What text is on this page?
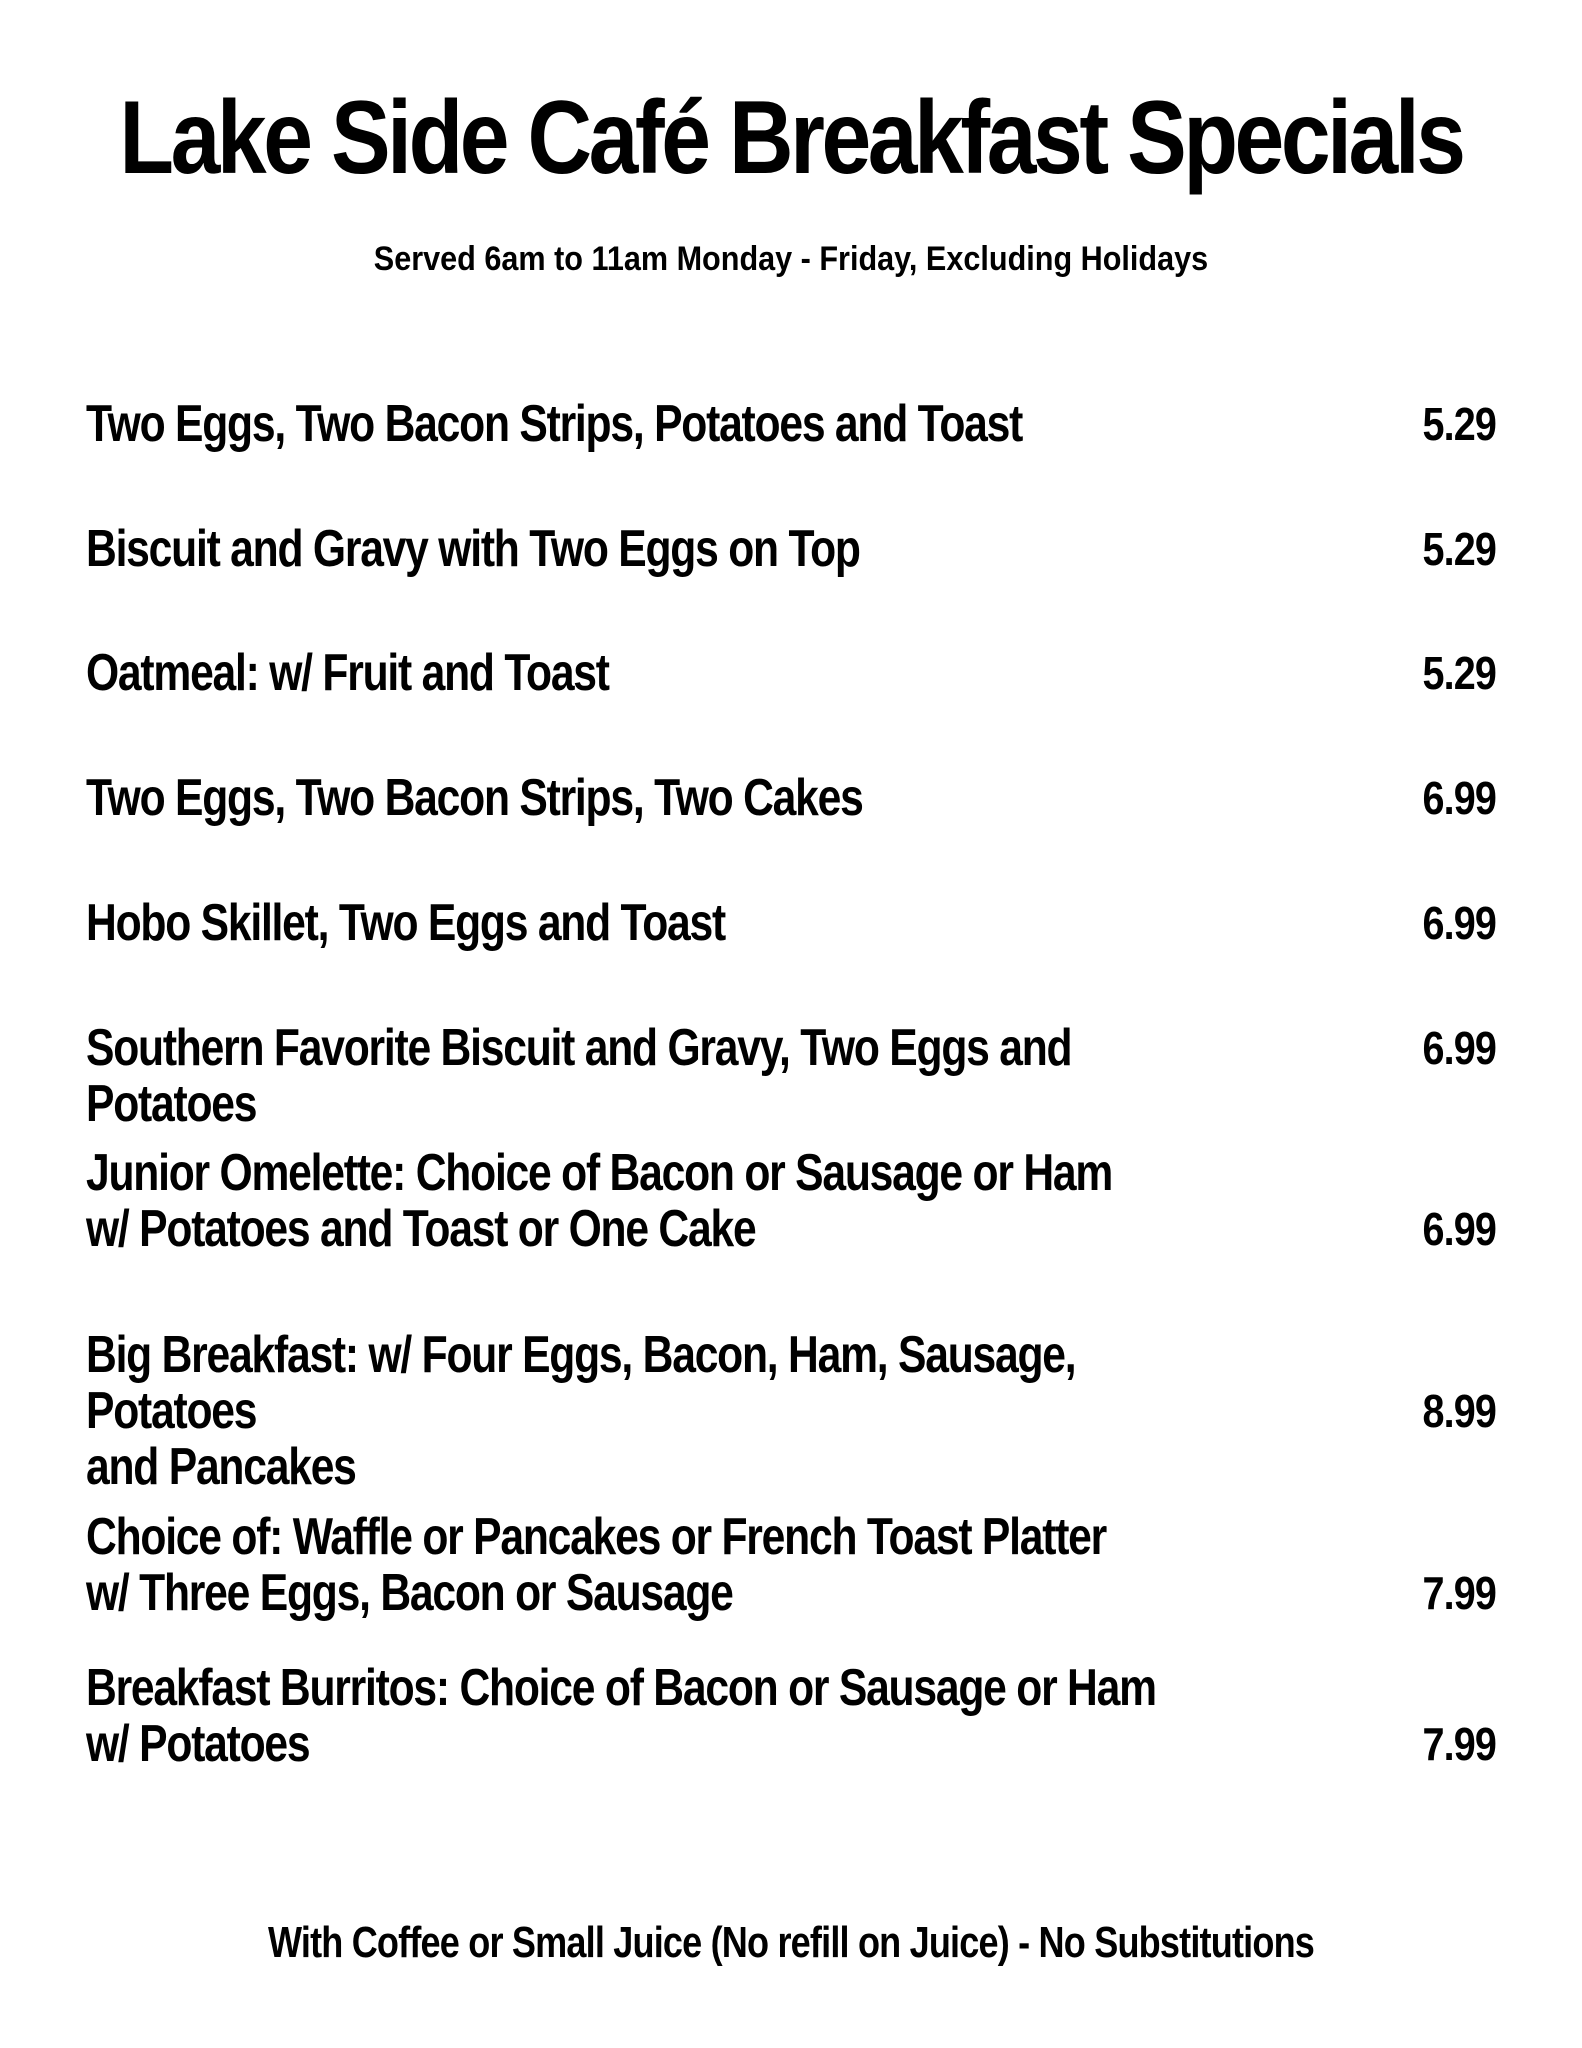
Lake Side Café Breakfast Specials
Served 6am to 11am Monday - Friday, Excluding Holidays
Two Eggs, Two Bacon Strips, Potatoes and Toast	5.29
Biscuit and Gravy with Two Eggs on Top	5.29
Oatmeal: w/ Fruit and Toast	5.29
Two Eggs, Two Bacon Strips, Two Cakes	6.99
Hobo Skillet, Two Eggs and Toast	6.99
Southern Favorite Biscuit and Gravy, Two Eggs and Potatoes
6.99
Junior Omelette: Choice of Bacon or Sausage or Ham
w/ Potatoes and Toast or One Cake	6.99
Big Breakfast: w/ Four Eggs, Bacon, Ham, Sausage, Potatoes
and Pancakes
8.99
Choice of: Waffle or Pancakes or French Toast Platter
w/ Three Eggs, Bacon or Sausage	7.99
Breakfast Burritos: Choice of Bacon or Sausage or Ham
w/ Potatoes	7.99
With Coffee or Small Juice (No refill on Juice) - No Substitutions
